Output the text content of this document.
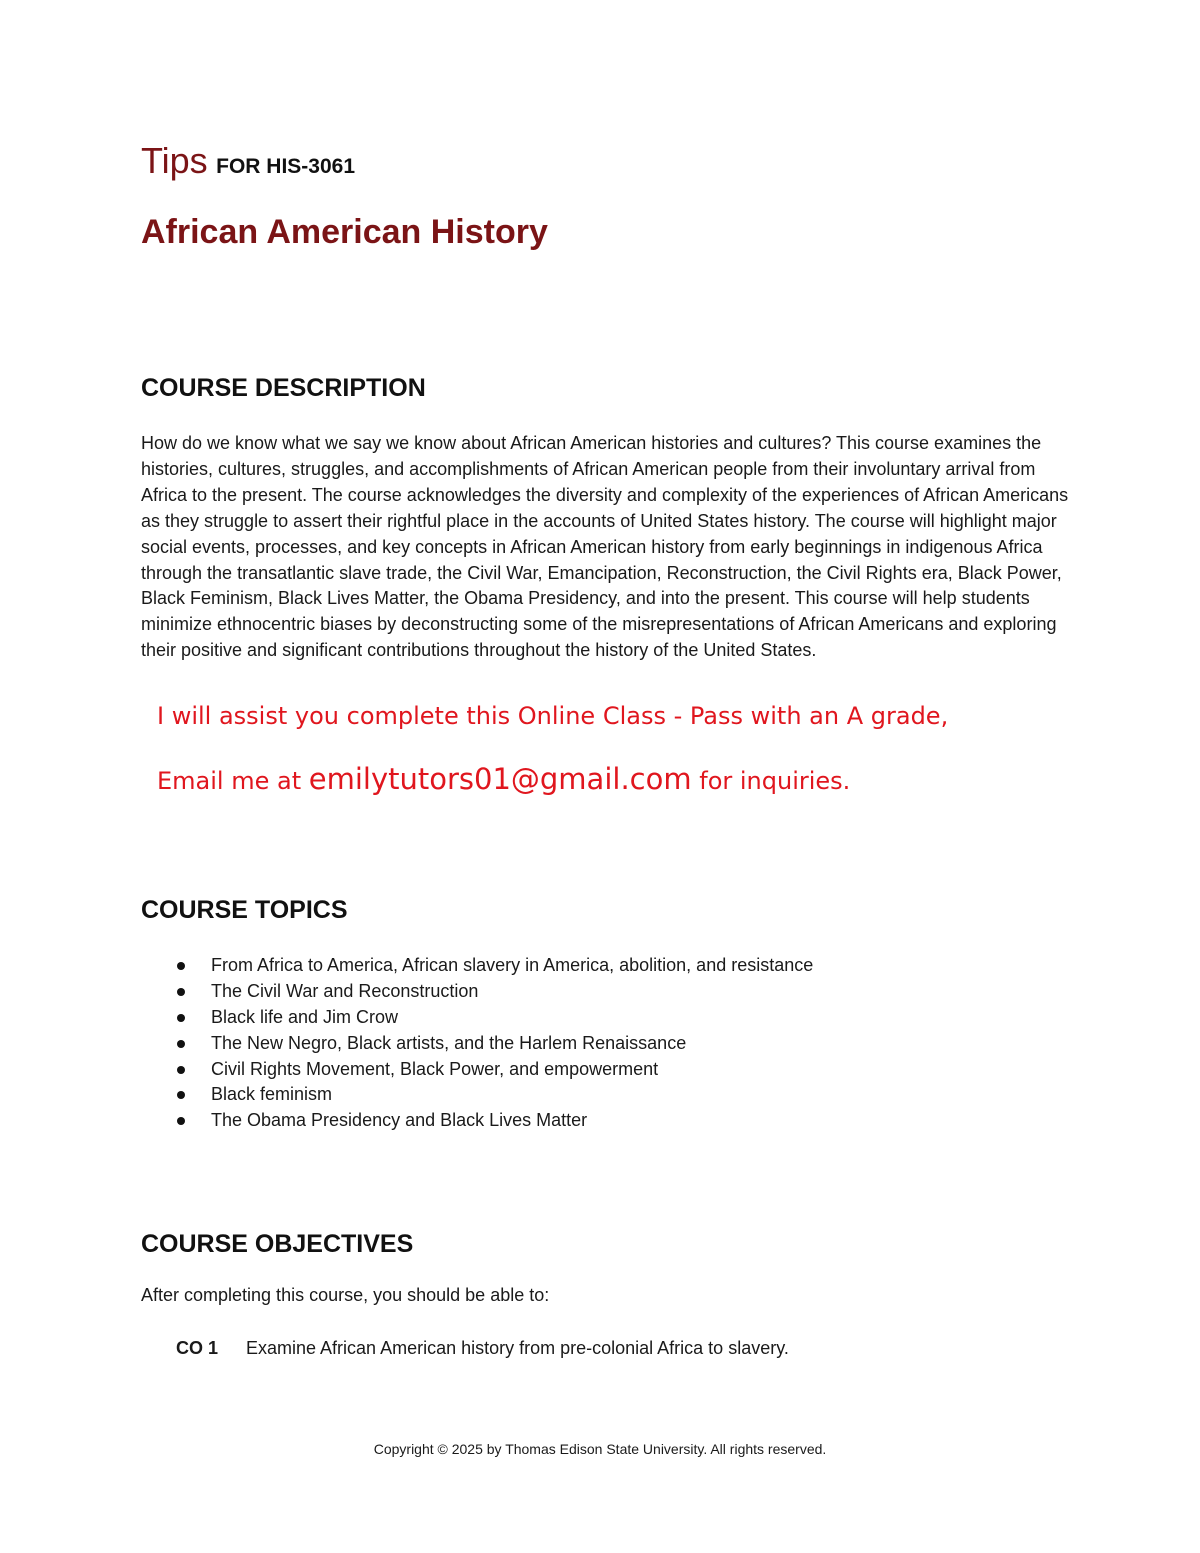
Tips FOR HIS-3061
African American History
COURSE DESCRIPTION

How do we know what we say we know about African American histories and cultures? This course examines the histories, cultures, struggles, and accomplishments of African American people from their involuntary arrival from Africa to the present. The course acknowledges the diversity and complexity of the experiences of African Americans as they struggle to assert their rightful place in the accounts of United States history. The course will highlight major social events, processes, and key concepts in African American history from early beginnings in indigenous Africa through the transatlantic slave trade, the Civil War, Emancipation, Reconstruction, the Civil Rights era, Black Power, Black Feminism, Black Lives Matter, the Obama Presidency, and into the present. This course will help students minimize ethnocentric biases by deconstructing some of the misrepresentations of African Americans and exploring their positive and significant contributions throughout the history of the United States.

I will assist you complete this Online Class - Pass with an A grade,

Email me at emilytutors01@gmail.com for inquiries.

COURSE TOPICS
From Africa to America, African slavery in America, abolition, and resistance
The Civil War and Reconstruction
Black life and Jim Crow
The New Negro, Black artists, and the Harlem Renaissance
Civil Rights Movement, Black Power, and empowerment
Black feminism
The Obama Presidency and Black Lives Matter
COURSE OBJECTIVES

After completing this course, you should be able to:

CO 1	Examine African American history from pre-colonial Africa to slavery.

Copyright © 2025 by Thomas Edison State University. All rights reserved.
